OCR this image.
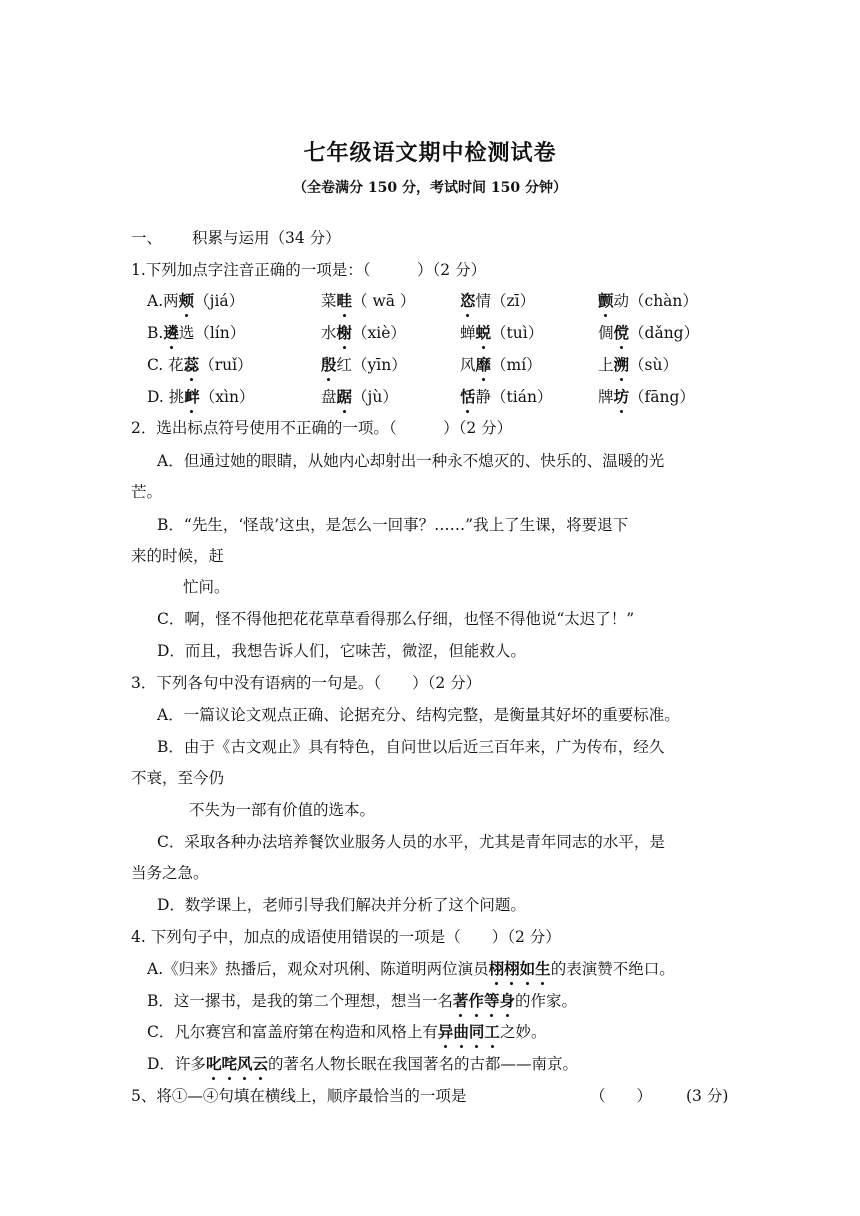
七年级语文期中检测试卷
（全卷满分 150 分，考试时间 150 分钟）
一、 积累与运用（34 分）
1.下列加点字注音正确的一项是：（　　　）（2 分）
A.两颊（jiá）	菜畦（ wā ）	恣情（zī）	颤动（chàn）
B.遴选（lín）	水榭（xiè）	蝉蜕（tuì）	倜傥（dǎng）
C. 花蕊（ruǐ）	殷红（yīn）	风靡（mí）	上溯（sù）
D. 挑衅（xìn）	盘踞（jù）	恬静（tián）	牌坊（fāng）
2．选出标点符号使用不正确的一项。（　　　）（2 分）
A．但通过她的眼睛，从她内心却射出一种永不熄灭的、快乐的、温暖的光
芒。
B．“先生，‘怪哉’这虫，是怎么一回事？……”我上了生课，将要退下
来的时候，赶
忙问。
C．啊，怪不得他把花花草草看得那么仔细，也怪不得他说“太迟了！”
D．而且，我想告诉人们，它味苦，微涩，但能救人。
3．下列各句中没有语病的一句是。（　　）（2 分）
A．一篇议论文观点正确、论据充分、结构完整，是衡量其好坏的重要标准。
B．由于《古文观止》具有特色，自问世以后近三百年来，广为传布，经久
不衰，至今仍
不失为一部有价值的选本。
C．采取各种办法培养餐饮业服务人员的水平，尤其是青年同志的水平，是
当务之急。
D．数学课上，老师引导我们解决并分析了这个问题。
4. 下列句子中，加点的成语使用错误的一项是（　　）（2 分）
A.《归来》热播后，观众对巩俐、陈道明两位演员栩栩如生的表演赞不绝口。
B．这一摞书，是我的第二个理想，想当一名著作等身的作家。
C．凡尔赛宫和富盖府第在构造和风格上有异曲同工之妙。
D．许多叱咤风云的著名人物长眠在我国著名的古都——南京。
5、将①—④句填在横线上，顺序最恰当的一项是	（　　） (3 分)
